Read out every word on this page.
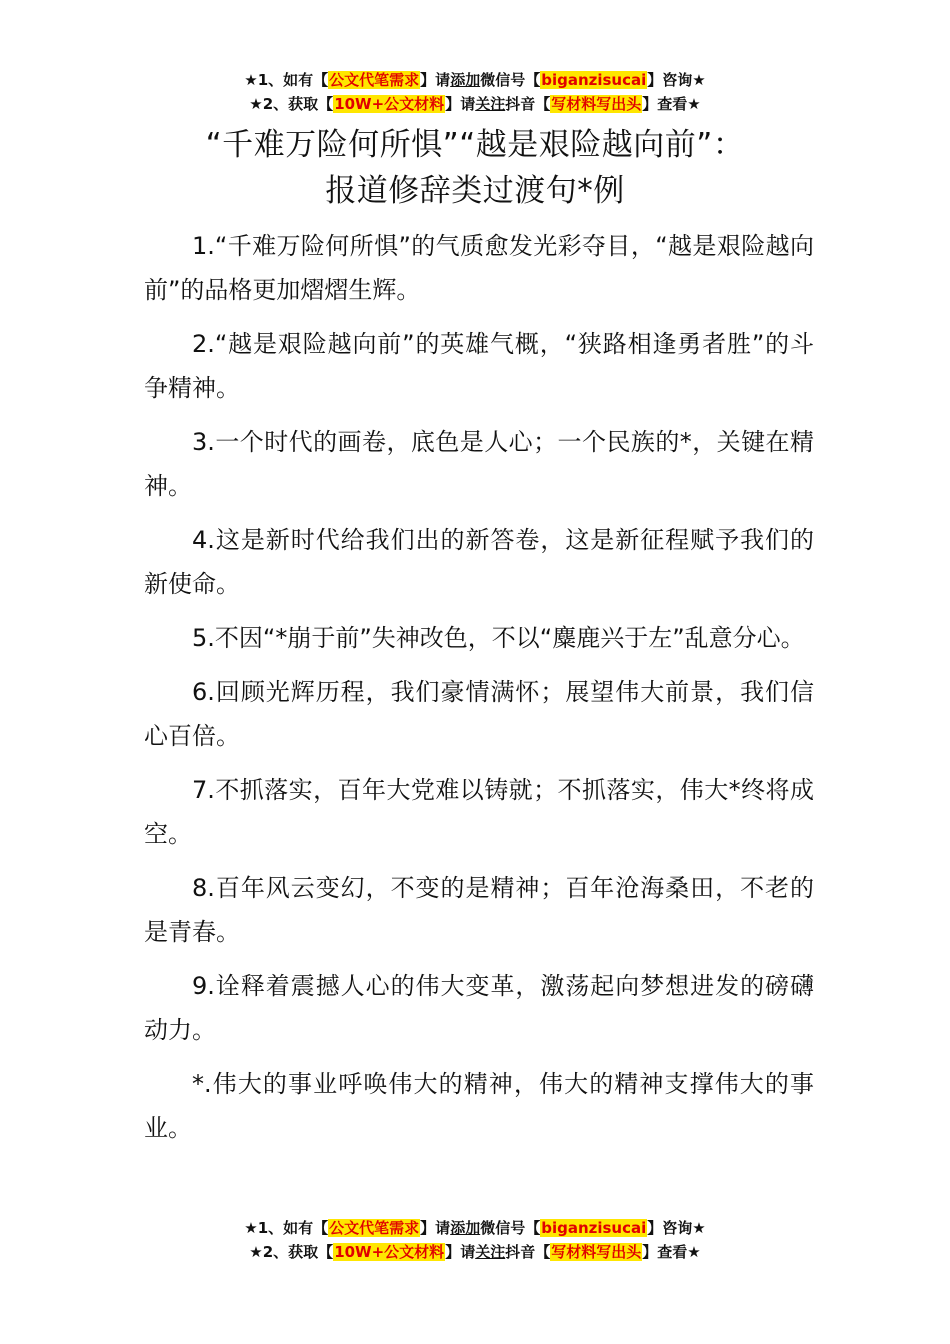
★1、如有【公文代笔需求】请添加微信号【biganzisucai】咨询★
★2、获取【10W+公文材料】请关注抖音【写材料写出头】查看★
“千难万险何所惧”“越是艰险越向前”：
报道修辞类过渡句*例

1.“千难万险何所惧”的气质愈发光彩夺目，“越是艰险越向前”的品格更加熠熠生辉。

2.“越是艰险越向前”的英雄气概，“狭路相逢勇者胜”的斗争精神。

3.一个时代的画卷，底色是人心；一个民族的*，关键在精神。

4.这是新时代给我们出的新答卷，这是新征程赋予我们的新使命。

5.不因“*崩于前”失神改色，不以“麋鹿兴于左”乱意分心。

6.回顾光辉历程，我们豪情满怀；展望伟大前景，我们信心百倍。

7.不抓落实，百年大党难以铸就；不抓落实，伟大*终将成空。

8.百年风云变幻，不变的是精神；百年沧海桑田，不老的是青春。

9.诠释着震撼人心的伟大变革，激荡起向梦想进发的磅礴动力。

*.伟大的事业呼唤伟大的精神，伟大的精神支撑伟大的事业。

★1、如有【公文代笔需求】请添加微信号【biganzisucai】咨询★
★2、获取【10W+公文材料】请关注抖音【写材料写出头】查看★
